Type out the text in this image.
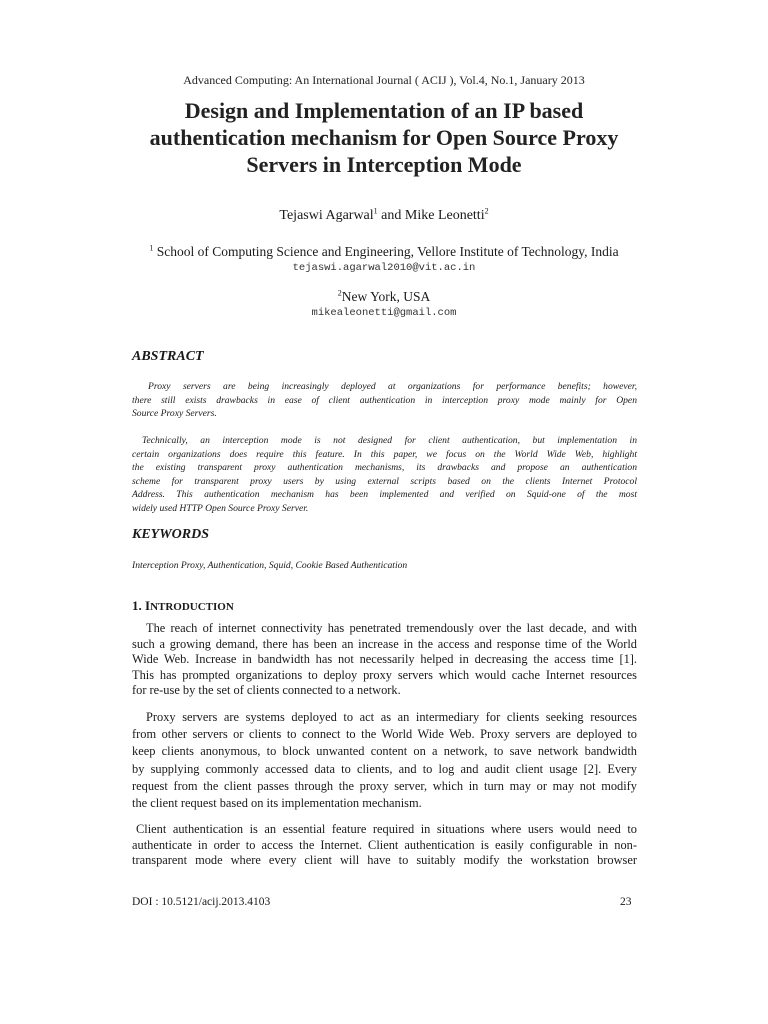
Advanced Computing: An International Journal ( ACIJ ), Vol.4, No.1, January 2013
Design and Implementation of an IP based
authentication mechanism for Open Source Proxy
Servers in Interception Mode
Tejaswi Agarwal$^1$ and Mike Leonetti$^2$
$^1$ School of Computing Science and Engineering, Vellore Institute of Technology, India
tejaswi.agarwal2010@vit.ac.in
$^2$New York, USA
mikealeonetti@gmail.com
ABSTRACT
Proxy servers are being increasingly deployed at organizations for performance benefits; however,
there still exists drawbacks in ease of client authentication in interception proxy mode mainly for Open
Source Proxy Servers.
Technically, an interception mode is not designed for client authentication, but implementation in
certain organizations does require this feature. In this paper, we focus on the World Wide Web, highlight
the existing transparent proxy authentication mechanisms, its drawbacks and propose an authentication
scheme for transparent proxy users by using external scripts based on the clients Internet Protocol
Address. This authentication mechanism has been implemented and verified on Squid-one of the most
widely used HTTP Open Source Proxy Server.
KEYWORDS
Interception Proxy, Authentication, Squid, Cookie Based Authentication
1. INTRODUCTION
The reach of internet connectivity has penetrated tremendously over the last decade, and with
such a growing demand, there has been an increase in the access and response time of the World
Wide Web. Increase in bandwidth has not necessarily helped in decreasing the access time [1].
This has prompted organizations to deploy proxy servers which would cache Internet resources
for re-use by the set of clients connected to a network.
Proxy servers are systems deployed to act as an intermediary for clients seeking resources
from other servers or clients to connect to the World Wide Web. Proxy servers are deployed to
keep clients anonymous, to block unwanted content on a network, to save network bandwidth
by supplying commonly accessed data to clients, and to log and audit client usage [2]. Every
request from the client passes through the proxy server, which in turn may or may not modify
the client request based on its implementation mechanism.
Client authentication is an essential feature required in situations where users would need to
authenticate in order to access the Internet. Client authentication is easily configurable in non-
transparent mode where every client will have to suitably modify the workstation browser
DOI : 10.5121/acij.2013.4103	23
